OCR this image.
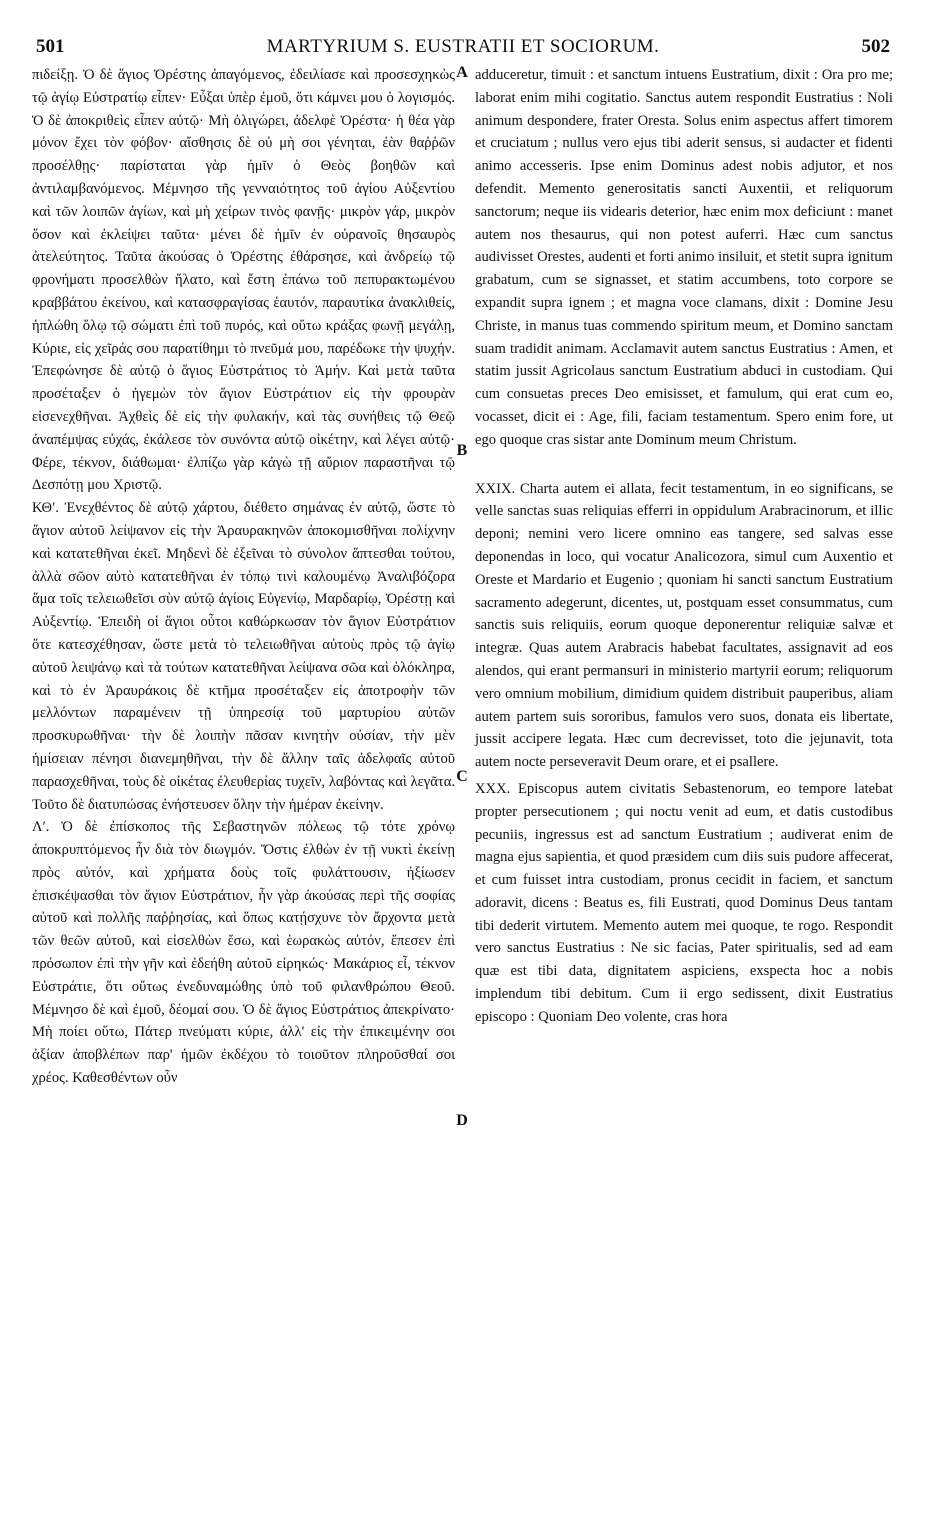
501	MARTYRIUM S. EUSTRATII ET SOCIORUM.	502

πιδείξῃ. Ὁ δὲ ἅγιος Ὀρέστης ἀπαγόμενος, ἐδειλίασε καὶ προσεσχηκὼς τῷ ἁγίῳ Εὐστρατίῳ εἶπεν· Εὖξαι ὑπὲρ ἐμοῦ, ὅτι κάμνει μου ὁ λογισμός. Ὁ δὲ ἀποκριθεὶς εἶπεν αὐτῷ· Μὴ ὀλιγώρει, ἀδελφὲ Ὀρέστα· ἡ θέα γὰρ μόνον ἔχει τὸν φόβον· αἴσθησις δὲ οὐ μὴ σοι γένηται, ἐὰν θαῤῥῶν προσέλθῃς· παρίσταται γὰρ ἡμῖν ὁ Θεὸς βοηθῶν καὶ ἀντιλαμβανόμενος. Μέμνησο τῆς γενναιότητος τοῦ ἁγίου Αὐξεντίου καὶ τῶν λοιπῶν ἁγίων, καὶ μὴ χείρων τινὸς φανῇς· μικρὸν γάρ, μικρὸν ὅσον καὶ ἐκλείψει ταῦτα· μένει δὲ ἡμῖν ἐν οὐρανοῖς θησαυρὸς ἀτελεύτητος. Ταῦτα ἀκούσας ὁ Ὀρέστης ἐθάρσησε, καὶ ἀνδρείῳ τῷ φρονήματι προσελθὼν ἥλατο, καὶ ἔστη ἐπάνω τοῦ πεπυρακτωμένου κραββάτου ἐκείνου, καὶ κατασφραγίσας ἑαυτόν, παραυτίκα ἀνακλιθείς, ἡπλώθη ὅλῳ τῷ σώματι ἐπὶ τοῦ πυρός, καὶ οὕτω κράξας φωνῇ μεγάλῃ, Κύριε, εἰς χεῖράς σου παρατίθημι τὸ πνεῦμά μου, παρέδωκε τὴν ψυχήν. Ἐπεφώνησε δὲ αὐτῷ ὁ ἅγιος Εὐστράτιος τὸ Ἀμήν. Καὶ μετὰ ταῦτα προσέταξεν ὁ ἡγεμὼν τὸν ἅγιον Εὐστράτιον εἰς τὴν φρουρὰν εἰσενεχθῆναι. Ἀχθεὶς δὲ εἰς τὴν φυλακήν, καὶ τὰς συνήθεις τῷ Θεῷ ἀναπέμψας εὐχάς, ἐκάλεσε τὸν συνόντα αὐτῷ οἰκέτην, καὶ λέγει αὐτῷ· Φέρε, τέκνον, διάθωμαι· ἐλπίζω γὰρ κἀγὼ τῇ αὔριον παραστῆναι τῷ Δεσπότῃ μου Χριστῷ.

ΚΘʹ. Ἐνεχθέντος δὲ αὐτῷ χάρτου, διέθετο σημάνας ἐν αὐτῷ, ὥστε τὸ ἅγιον αὐτοῦ λείψανον εἰς τὴν Ἀραυρακηνῶν ἀποκομισθῆναι πολίχνην καὶ κατατεθῆναι ἐκεῖ. Μηδενὶ δὲ ἐξεῖναι τὸ σύνολον ἅπτεσθαι τούτου, ἀλλὰ σῶον αὐτὸ κατατεθῆναι ἐν τόπῳ τινὶ καλουμένῳ Ἀναλιβόζορα ἅμα τοῖς τελειωθεῖσι σὺν αὐτῷ ἁγίοις Εὐγενίῳ, Μαρδαρίῳ, Ὀρέστῃ καὶ Αὐξεντίῳ. Ἐπειδὴ οἱ ἅγιοι οὗτοι καθώρκωσαν τὸν ἅγιον Εὐστράτιον ὅτε κατεσχέθησαν, ὥστε μετὰ τὸ τελειωθῆναι αὐτοὺς πρὸς τῷ ἁγίῳ αὐτοῦ λειψάνῳ καὶ τὰ τούτων κατατεθῆναι λείψανα σῶα καὶ ὁλόκληρα, καὶ τὸ ἐν Ἀραυράκοις δὲ κτῆμα προσέταξεν εἰς ἀποτροφὴν τῶν μελλόντων παραμένειν τῇ ὑπηρεσίᾳ τοῦ μαρτυρίου αὐτῶν προσκυρωθῆναι· τὴν δὲ λοιπὴν πᾶσαν κινητὴν οὐσίαν, τὴν μὲν ἡμίσειαν πένησι διανεμηθῆναι, τὴν δὲ ἄλλην ταῖς ἀδελφαῖς αὐτοῦ παρασχεθῆναι, τοὺς δὲ οἰκέτας ἐλευθερίας τυχεῖν, λαβόντας καὶ λεγᾶτα. Τοῦτο δὲ διατυπώσας ἐνήστευσεν ὅλην τὴν ἡμέραν ἐκείνην.

Λʹ. Ὁ δὲ ἐπίσκοπος τῆς Σεβαστηνῶν πόλεως τῷ τότε χρόνῳ ἀποκρυπτόμενος ἦν διὰ τὸν διωγμόν. Ὅστις ἐλθὼν ἐν τῇ νυκτὶ ἐκείνῃ πρὸς αὐτόν, καὶ χρήματα δοὺς τοῖς φυλάττουσιν, ἠξίωσεν ἐπισκέψασθαι τὸν ἅγιον Εὐστράτιον, ἦν γὰρ ἀκούσας περὶ τῆς σοφίας αὐτοῦ καὶ πολλῆς παῤῥησίας, καὶ ὅπως κατῄσχυνε τὸν ἄρχοντα μετὰ τῶν θεῶν αὐτοῦ, καὶ εἰσελθὼν ἔσω, καὶ ἑωρακὼς αὐτόν, ἔπεσεν ἐπὶ πρόσωπον ἐπὶ τὴν γῆν καὶ ἐδεήθη αὐτοῦ εἰρηκώς· Μακάριος εἶ, τέκνον Εὐστράτιε, ὅτι οὕτως ἐνεδυναμώθης ὑπὸ τοῦ φιλανθρώπου Θεοῦ. Μέμνησο δὲ καὶ ἐμοῦ, δέομαί σου. Ὁ δὲ ἅγιος Εὐστράτιος ἀπεκρίνατο· Μὴ ποίει οὕτω, Πάτερ πνεύματι κύριε, ἀλλ' εἰς τὴν ἐπικειμένην σοι ἀξίαν ἀποβλέπων παρ' ἡμῶν ἐκδέχου τὸ τοιοῦτον πληροῦσθαί σοι χρέος. Καθεσθέντων οὖν

A
B
C
D

adduceretur, timuit : et sanctum intuens Eustratium, dixit : Ora pro me; laborat enim mihi cogitatio. Sanctus autem respondit Eustratius : Noli animum despondere, frater Oresta. Solus enim aspectus affert timorem et cruciatum ; nullus vero ejus tibi aderit sensus, si audacter et fidenti animo accesseris. Ipse enim Dominus adest nobis adjutor, et nos defendit. Memento generositatis sancti Auxentii, et reliquorum sanctorum; neque iis videaris deterior, hæc enim mox deficiunt : manet autem nos thesaurus, qui non potest auferri. Hæc cum sanctus audivisset Orestes, audenti et forti animo insiluit, et stetit supra ignitum grabatum, cum se signasset, et statim accumbens, toto corpore se expandit supra ignem ; et magna voce clamans, dixit : Domine Jesu Christe, in manus tuas commendo spiritum meum, et Domino sanctam suam tradidit animam. Acclamavit autem sanctus Eustratius : Amen, et statim jussit Agricolaus sanctum Eustratium abduci in custodiam. Qui cum consuetas preces Deo emisisset, et famulum, qui erat cum eo, vocasset, dicit ei : Age, fili, faciam testamentum. Spero enim fore, ut ego quoque cras sistar ante Dominum meum Christum.

XXIX. Charta autem ei allata, fecit testamentum, in eo significans, se velle sanctas suas reliquias efferri in oppidulum Arabracinorum, et illic deponi; nemini vero licere omnino eas tangere, sed salvas esse deponendas in loco, qui vocatur Analicozora, simul cum Auxentio et Oreste et Mardario et Eugenio ; quoniam hi sancti sanctum Eustratium sacramento adegerunt, dicentes, ut, postquam esset consummatus, cum sanctis suis reliquiis, eorum quoque deponerentur reliquiæ salvæ et integræ. Quas autem Arabracis habebat facultates, assignavit ad eos alendos, qui erant permansuri in ministerio martyrii eorum; reliquorum vero omnium mobilium, dimidium quidem distribuit pauperibus, aliam autem partem suis sororibus, famulos vero suos, donata eis libertate, jussit accipere legata. Hæc cum decrevisset, toto die jejunavit, tota autem nocte perseveravit Deum orare, et ei psallere.

XXX. Episcopus autem civitatis Sebastenorum, eo tempore latebat propter persecutionem ; qui noctu venit ad eum, et datis custodibus pecuniis, ingressus est ad sanctum Eustratium ; audiverat enim de magna ejus sapientia, et quod præsidem cum diis suis pudore affecerat, et cum fuisset intra custodiam, pronus cecidit in faciem, et sanctum adoravit, dicens : Beatus es, fili Eustrati, quod Dominus Deus tantam tibi dederit virtutem. Memento autem mei quoque, te rogo. Respondit vero sanctus Eustratius : Ne sic facias, Pater spiritualis, sed ad eam quæ est tibi data, dignitatem aspiciens, exspecta hoc a nobis implendum tibi debitum. Cum ii ergo sedissent, dixit Eustratius episcopo : Quoniam Deo volente, cras hora
